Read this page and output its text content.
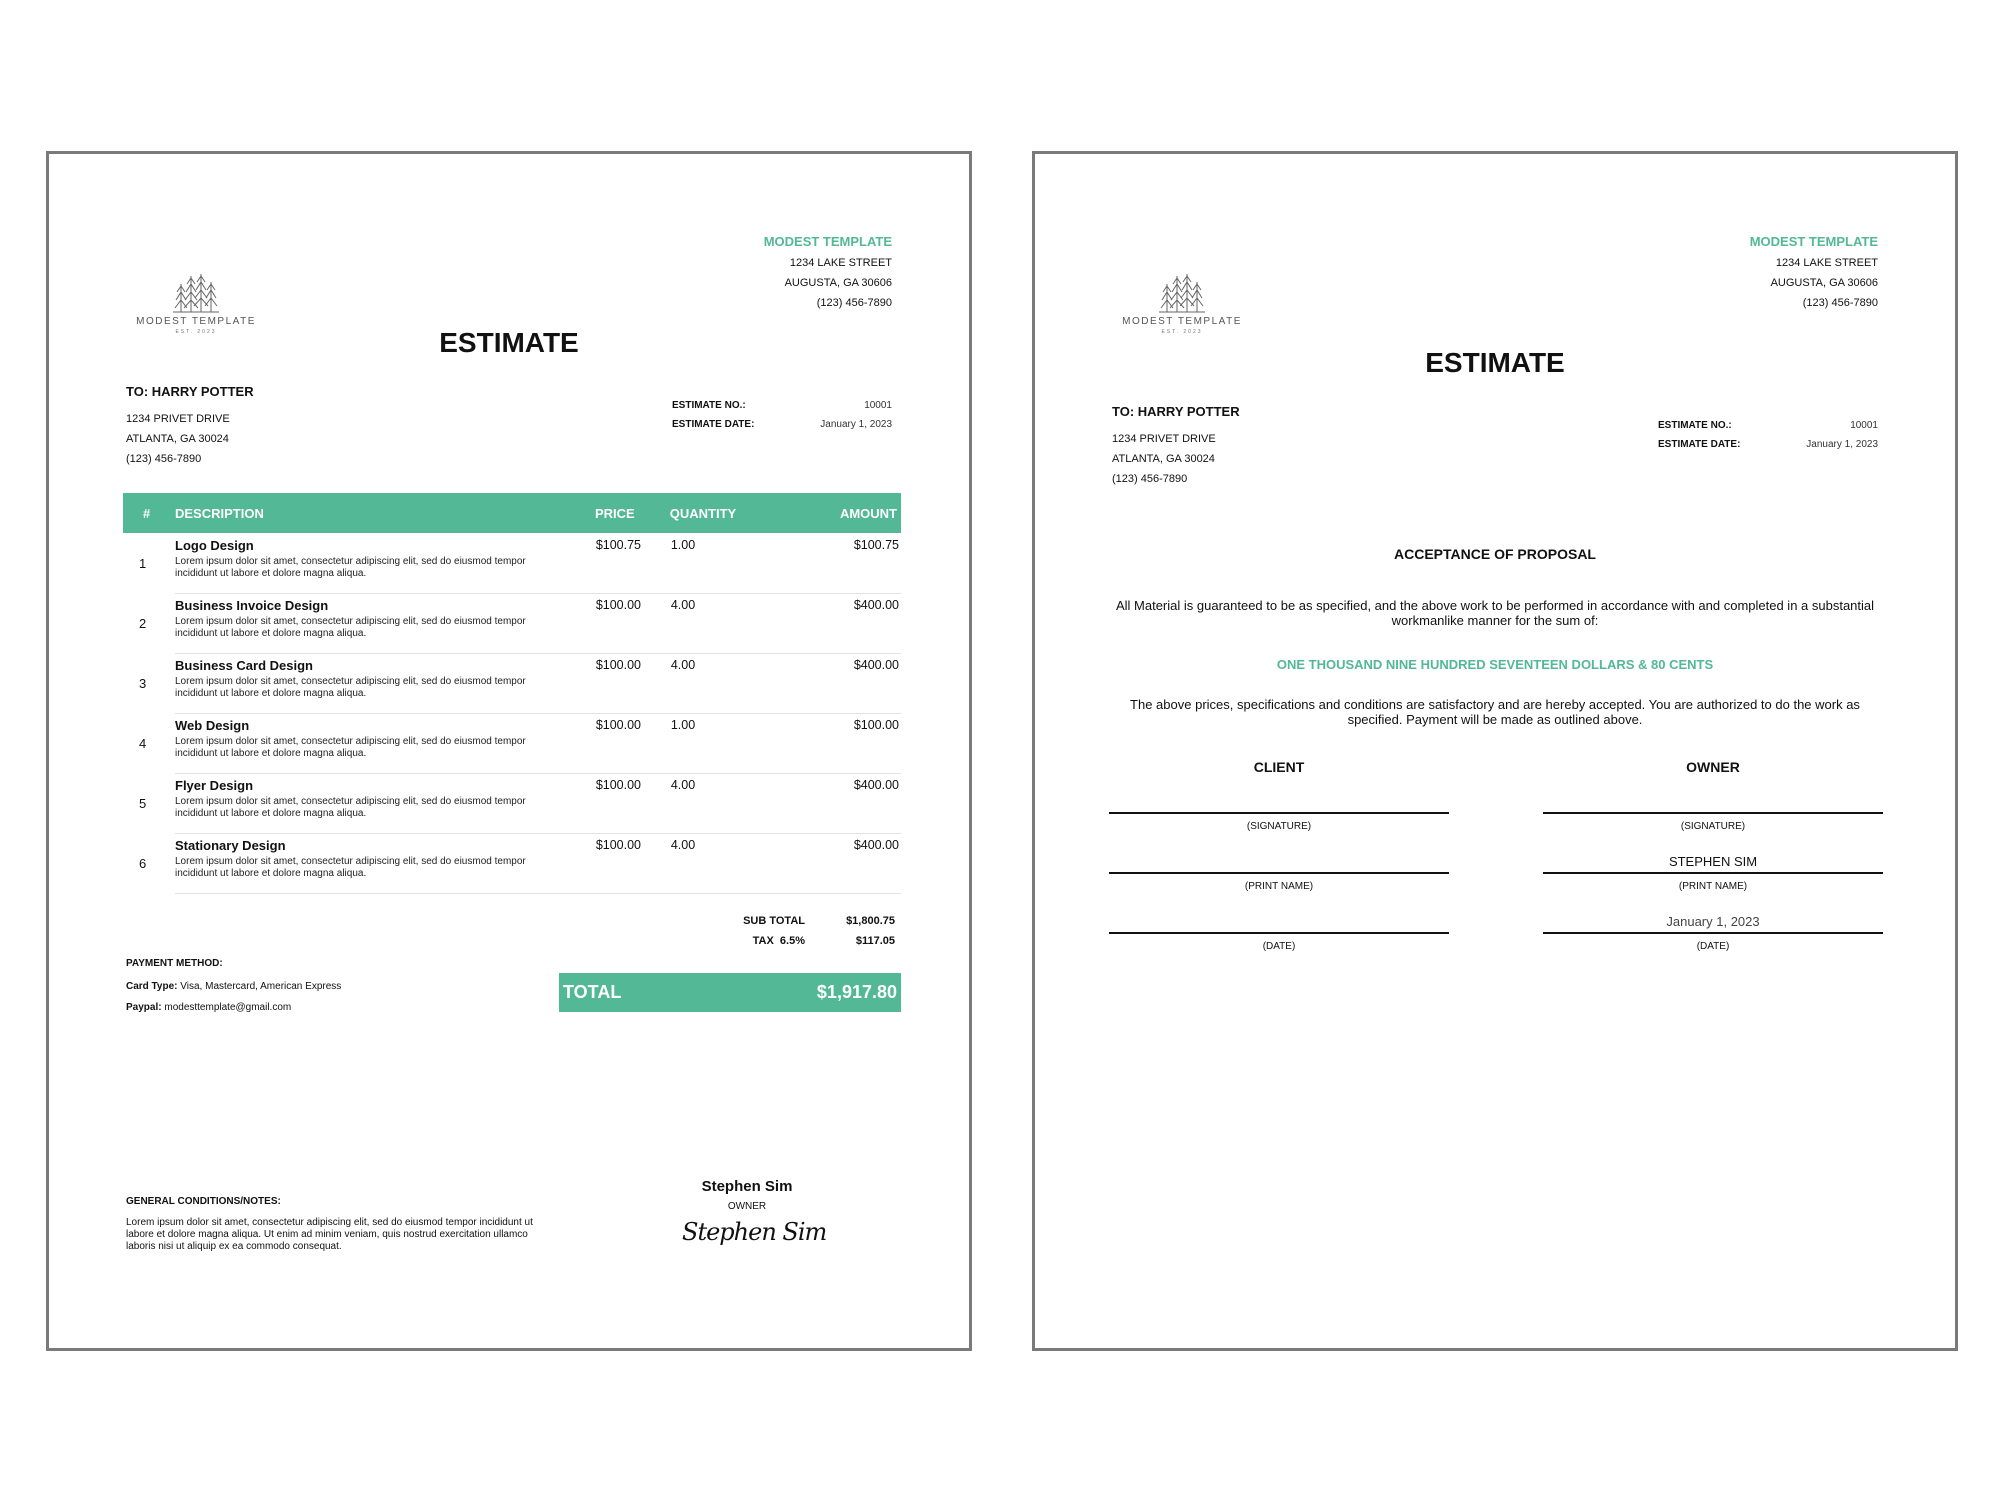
MODEST TEMPLATE
EST. 2023
MODEST TEMPLATE
1234 LAKE STREET
AUGUSTA, GA 30606
(123) 456-7890
ESTIMATE
TO: HARRY POTTER
1234 PRIVET DRIVE
ATLANTA, GA 30024
(123) 456-7890
ESTIMATE NO.:	10001
ESTIMATE DATE:	January 1, 2023
# DESCRIPTION	PRICE	QUANTITY	AMOUNT
1
Logo Design
Lorem ipsum dolor sit amet, consectetur adipiscing elit, sed do eiusmod tempor incididunt ut labore et dolore magna aliqua.
$100.75	1.00	$100.75
2
Business Invoice Design
Lorem ipsum dolor sit amet, consectetur adipiscing elit, sed do eiusmod tempor incididunt ut labore et dolore magna aliqua.
$100.00	4.00	$400.00
3
Business Card Design
Lorem ipsum dolor sit amet, consectetur adipiscing elit, sed do eiusmod tempor incididunt ut labore et dolore magna aliqua.
$100.00	4.00	$400.00
4
Web Design
Lorem ipsum dolor sit amet, consectetur adipiscing elit, sed do eiusmod tempor incididunt ut labore et dolore magna aliqua.
$100.00	1.00	$100.00
5
Flyer Design
Lorem ipsum dolor sit amet, consectetur adipiscing elit, sed do eiusmod tempor incididunt ut labore et dolore magna aliqua.
$100.00	4.00	$400.00
6
Stationary Design
Lorem ipsum dolor sit amet, consectetur adipiscing elit, sed do eiusmod tempor incididunt ut labore et dolore magna aliqua.
$100.00	4.00	$400.00
SUB TOTAL	$1,800.75
TAX  6.5%	$117.05
TOTAL	$1,917.80
PAYMENT METHOD:
Card Type: Visa, Mastercard, American Express
Paypal: modesttemplate@gmail.com
GENERAL CONDITIONS/NOTES:
Lorem ipsum dolor sit amet, consectetur adipiscing elit, sed do eiusmod tempor incididunt ut labore et dolore magna aliqua. Ut enim ad minim veniam, quis nostrud exercitation ullamco laboris nisi ut aliquip ex ea commodo consequat.
Stephen Sim
OWNER
Stephen Sim
MODEST TEMPLATE
EST. 2023
MODEST TEMPLATE
1234 LAKE STREET
AUGUSTA, GA 30606
(123) 456-7890
ESTIMATE
TO: HARRY POTTER
1234 PRIVET DRIVE
ATLANTA, GA 30024
(123) 456-7890
ESTIMATE NO.:	10001
ESTIMATE DATE:	January 1, 2023
ACCEPTANCE OF PROPOSAL
All Material is guaranteed to be as specified, and the above work to be performed in accordance with and completed in a substantial workmanlike manner for the sum of:
ONE THOUSAND NINE HUNDRED SEVENTEEN DOLLARS & 80 CENTS
The above prices, specifications and conditions are satisfactory and are hereby accepted. You are authorized to do the work as specified. Payment will be made as outlined above.
CLIENT
(SIGNATURE)
(PRINT NAME)
(DATE)
OWNER
(SIGNATURE)
STEPHEN SIM
(PRINT NAME)
January 1, 2023
(DATE)
